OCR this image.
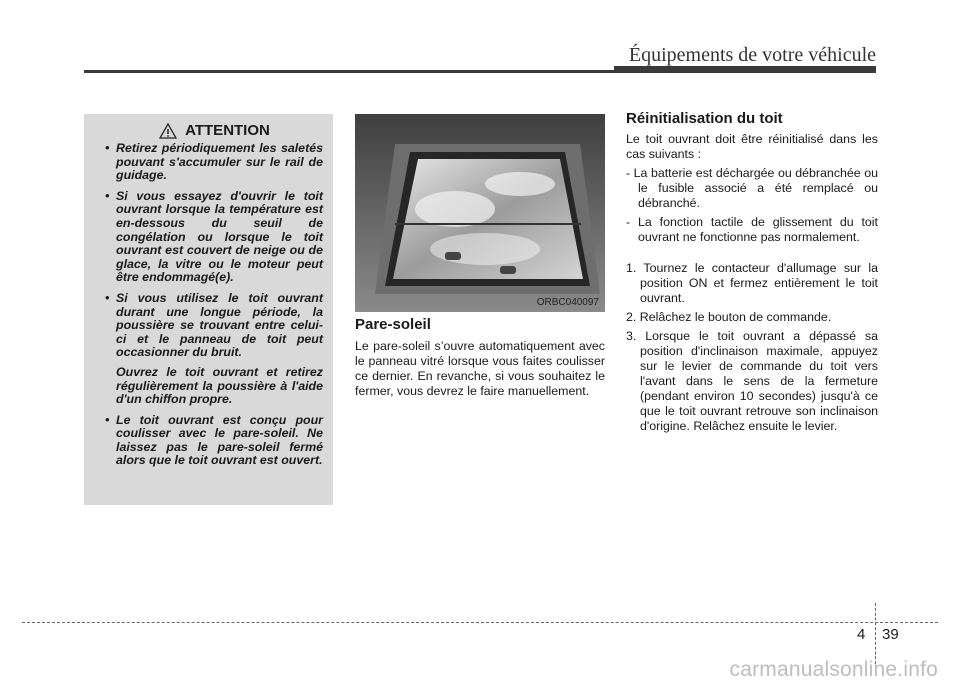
Équipements de votre véhicule
ATTENTION
• Retirez périodiquement les saletés pouvant s'accumuler sur le rail de guidage.
• Si vous essayez d'ouvrir le toit ouvrant lorsque la température est en-dessous du seuil de congélation ou lorsque le toit ouvrant est couvert de neige ou de glace, la vitre ou le moteur peut être endommagé(e).
• Si vous utilisez le toit ouvrant durant une longue période, la poussière se trouvant entre celui-ci et le panneau de toit peut occasionner du bruit.
Ouvrez le toit ouvrant et retirez régulièrement la poussière à l'aide d'un chiffon propre.
• Le toit ouvrant est conçu pour coulisser avec le pare-soleil. Ne laissez pas le pare-soleil fermé alors que le toit ouvrant est ouvert.
ORBC040097
Pare-soleil

Le pare-soleil s’ouvre automatiquement avec le panneau vitré lorsque vous faites coulisser ce dernier. En revanche, si vous souhaitez le fermer, vous devrez le faire manuellement.

Réinitialisation du toit

Le toit ouvrant doit être réinitialisé dans les cas suivants :

- La batterie est déchargée ou débranchée ou le fusible associé a été remplacé ou débranché.

- La fonction tactile de glissement du toit ouvrant ne fonctionne pas normalement.

1. Tournez le contacteur d'allumage sur la position ON et fermez entièrement le toit ouvrant.

2. Relâchez le bouton de commande.

3. Lorsque le toit ouvrant a dépassé sa position d'inclinaison maximale, appuyez sur le levier de commande du toit vers l'avant dans le sens de la fermeture (pendant environ 10 secondes) jusqu'à ce que le toit ouvrant retrouve son inclinaison d'origine. Relâchez ensuite le levier.

4 39
carmanualsonline.info
